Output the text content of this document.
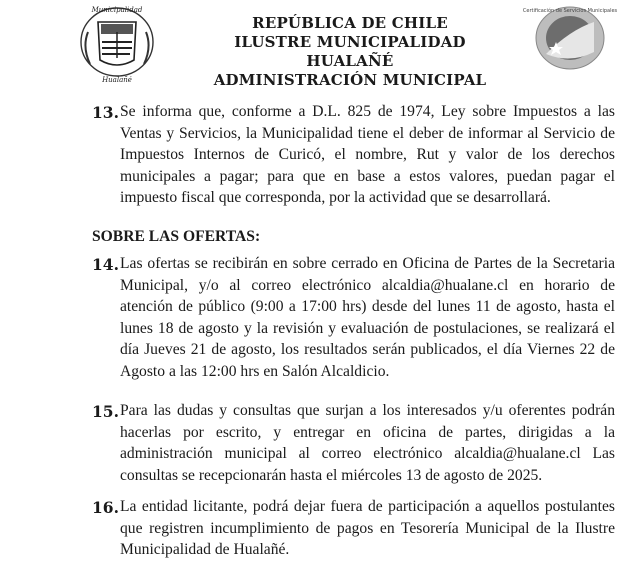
Municipalidad
Hualañé
REPÚBLICA DE CHILE
ILUSTRE MUNICIPALIDAD HUALAÑÉ
ADMINISTRACIÓN MUNICIPAL
Certificación de Servicios Municipales
13. Se informa que, conforme a D.L. 825 de 1974, Ley sobre Impuestos a las Ventas y Servicios, la Municipalidad tiene el deber de informar al Servicio de Impuestos Internos de Curicó, el nombre, Rut y valor de los derechos municipales a pagar; para que en base a estos valores, puedan pagar el impuesto fiscal que corresponda, por la actividad que se desarrollará.
SOBRE LAS OFERTAS:
14. Las ofertas se recibirán en sobre cerrado en Oficina de Partes de la Secretaria Municipal, y/o al correo electrónico alcaldia@hualane.cl en horario de atención de público (9:00 a 17:00 hrs) desde del lunes 11 de agosto, hasta el lunes 18 de agosto y la revisión y evaluación de postulaciones, se realizará el día Jueves 21 de agosto, los resultados serán publicados, el día Viernes 22 de Agosto a las 12:00 hrs en Salón Alcaldicio.
15. Para las dudas y consultas que surjan a los interesados y/u oferentes podrán hacerlas por escrito, y entregar en oficina de partes, dirigidas a la administración municipal al correo electrónico alcaldia@hualane.cl Las consultas se recepcionarán hasta el miércoles 13 de agosto de 2025.
16. La entidad licitante, podrá dejar fuera de participación a aquellos postulantes que registren incumplimiento de pagos en Tesorería Municipal de la Ilustre Municipalidad de Hualañé.
